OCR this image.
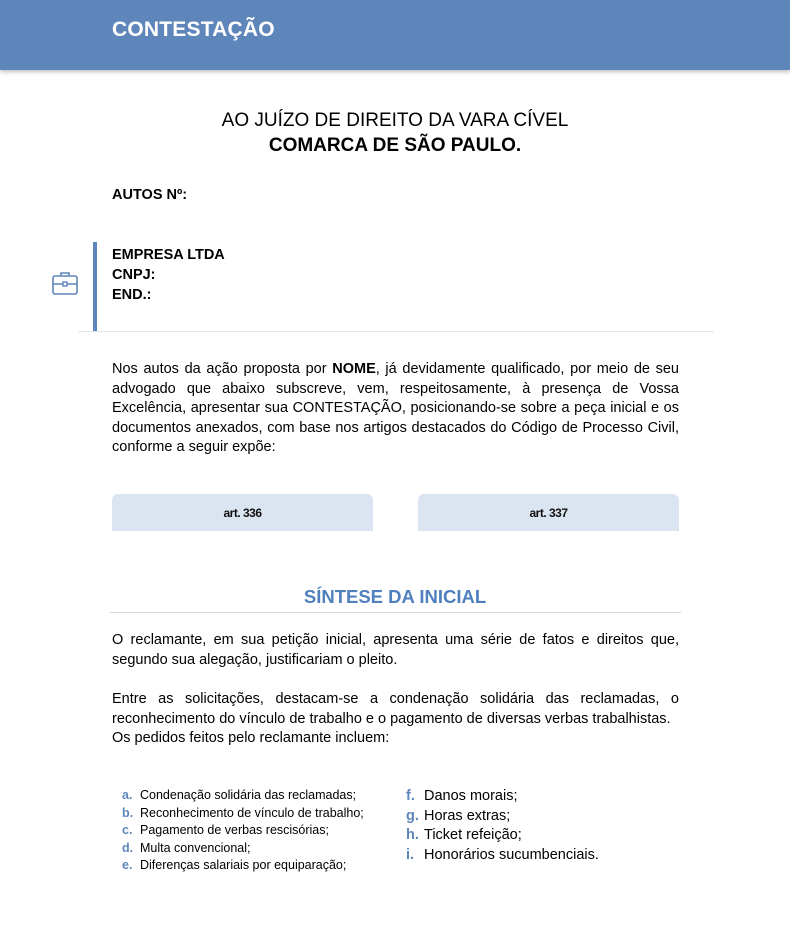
CONTESTAÇÃO
AO JUÍZO DE DIREITO DA VARA CÍVEL
COMARCA DE SÃO PAULO.
AUTOS Nº:
EMPRESA LTDA
CNPJ:
END.:
Nos autos da ação proposta por NOME, já devidamente qualificado, por meio de seu advogado que abaixo subscreve, vem, respeitosamente, à presença de Vossa Excelência, apresentar sua CONTESTAÇÃO, posicionando-se sobre a peça inicial e os documentos anexados, com base nos artigos destacados do Código de Processo Civil, conforme a seguir expõe:
art. 336	art. 337
SÍNTESE DA INICIAL
O reclamante, em sua petição inicial, apresenta uma série de fatos e direitos que, segundo sua alegação, justificariam o pleito.
Entre as solicitações, destacam-se a condenação solidária das reclamadas, o reconhecimento do vínculo de trabalho e o pagamento de diversas verbas trabalhistas.
Os pedidos feitos pelo reclamante incluem:
a. Condenação solidária das reclamadas;
b. Reconhecimento de vínculo de trabalho;
c. Pagamento de verbas rescisórias;
d. Multa convencional;
e. Diferenças salariais por equiparação;
f. Danos morais;
g. Horas extras;
h. Ticket refeição;
i. Honorários sucumbenciais.
